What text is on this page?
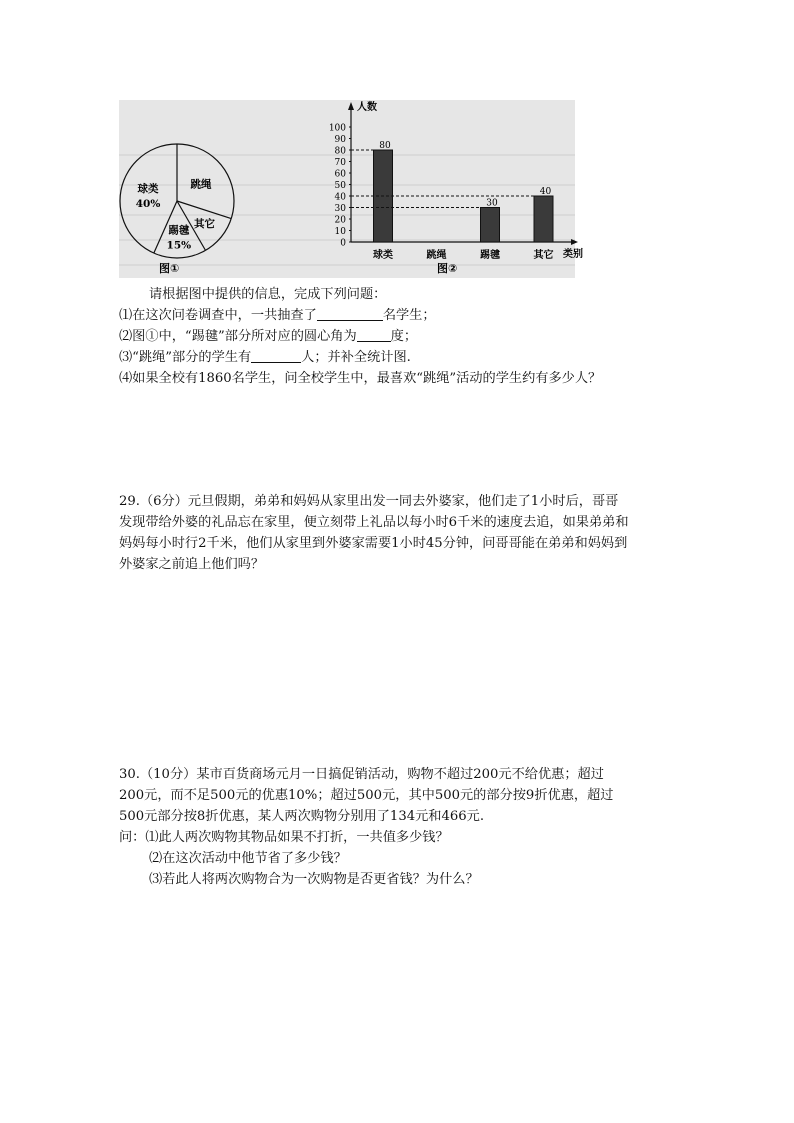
跳绳
其它
踢毽
15%
球类
40%
图①
人数
类别
0
10
20
30
40
50
60
70
80
90
100
球类
80
跳绳	踢毽
30
其它
40
图②
请根据图中提供的信息，完成下列问题：
⑴在这次问卷调查中，一共抽查了	名学生；
⑵图①中，“踢毽”部分所对应的圆心角为	度；
⑶“跳绳”部分的学生有	人；并补全统计图.
⑷如果全校有1860名学生，问全校学生中，最喜欢“跳绳”活动的学生约有多少人？
29.（6分）元旦假期，弟弟和妈妈从家里出发一同去外婆家，他们走了1小时后，哥哥
发现带给外婆的礼品忘在家里，便立刻带上礼品以每小时6千米的速度去追，如果弟弟和
妈妈每小时行2千米，他们从家里到外婆家需要1小时45分钟，问哥哥能在弟弟和妈妈到
外婆家之前追上他们吗？
30.（10分）某市百货商场元月一日搞促销活动，购物不超过200元不给优惠；超过
200元，而不足500元的优惠10%；超过500元，其中500元的部分按9折优惠，超过
500元部分按8折优惠，某人两次购物分别用了134元和466元.
问：⑴此人两次购物其物品如果不打折，一共值多少钱？
⑵在这次活动中他节省了多少钱？
⑶若此人将两次购物合为一次购物是否更省钱？为什么？
